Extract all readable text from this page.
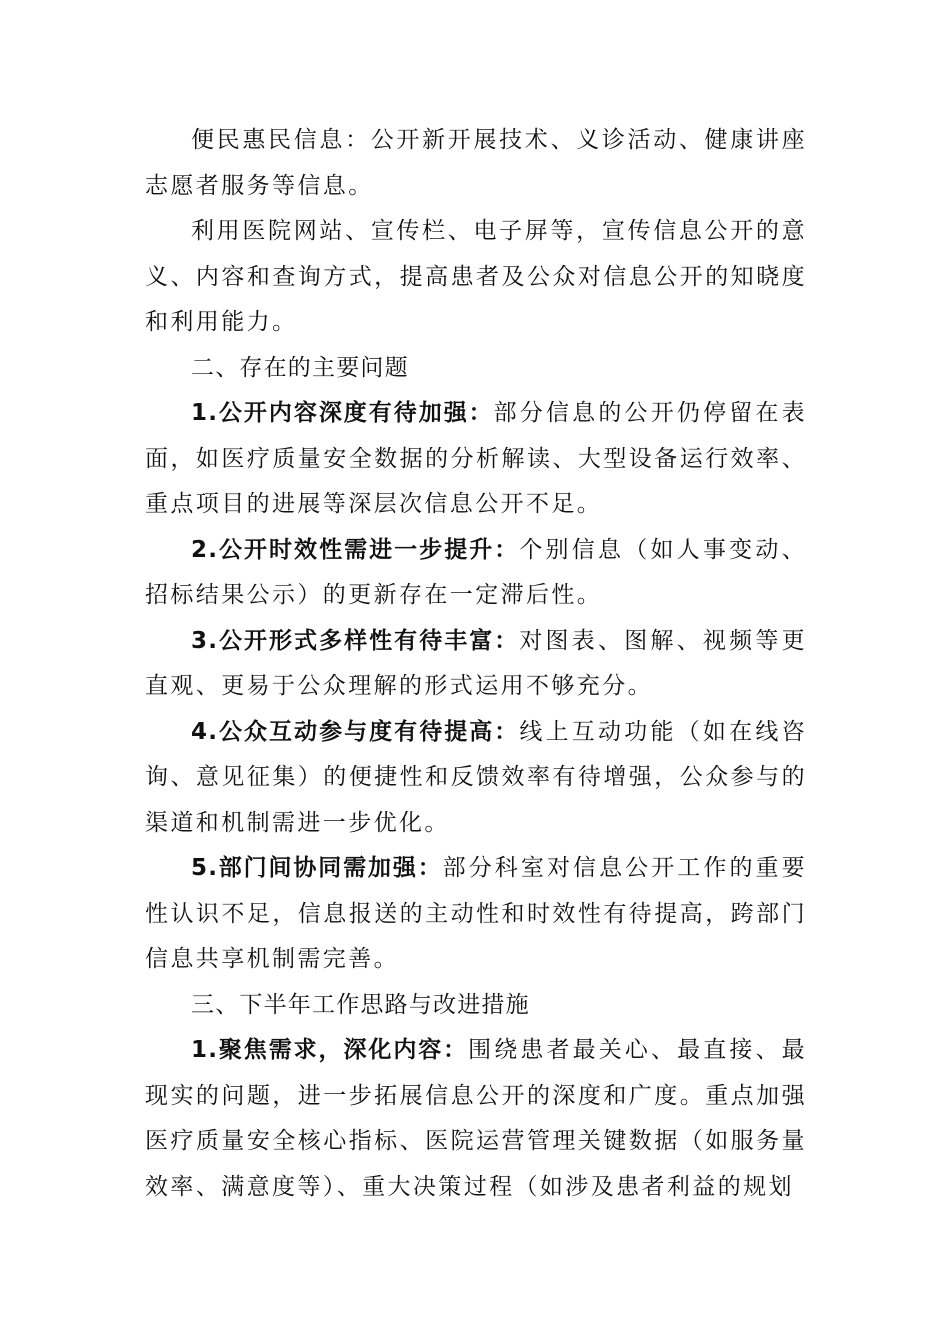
便民惠民信息：公开新开展技术、义诊活动、健康讲座志愿者服务等信息。

利用医院网站、宣传栏、电子屏等，宣传信息公开的意义、内容和查询方式，提高患者及公众对信息公开的知晓度和利用能力。

二、存在的主要问题

1.公开内容深度有待加强：部分信息的公开仍停留在表面，如医疗质量安全数据的分析解读、大型设备运行效率、重点项目的进展等深层次信息公开不足。

2.公开时效性需进一步提升：个别信息（如人事变动、招标结果公示）的更新存在一定滞后性。

3.公开形式多样性有待丰富：对图表、图解、视频等更直观、更易于公众理解的形式运用不够充分。

4.公众互动参与度有待提高：线上互动功能（如在线咨询、意见征集）的便捷性和反馈效率有待增强，公众参与的渠道和机制需进一步优化。

5.部门间协同需加强：部分科室对信息公开工作的重要性认识不足，信息报送的主动性和时效性有待提高，跨部门信息共享机制需完善。

三、下半年工作思路与改进措施

1.聚焦需求，深化内容：围绕患者最关心、最直接、最现实的问题，进一步拓展信息公开的深度和广度。重点加强医疗质量安全核心指标、医院运营管理关键数据（如服务量效率、满意度等）、重大决策过程（如涉及患者利益的规划
